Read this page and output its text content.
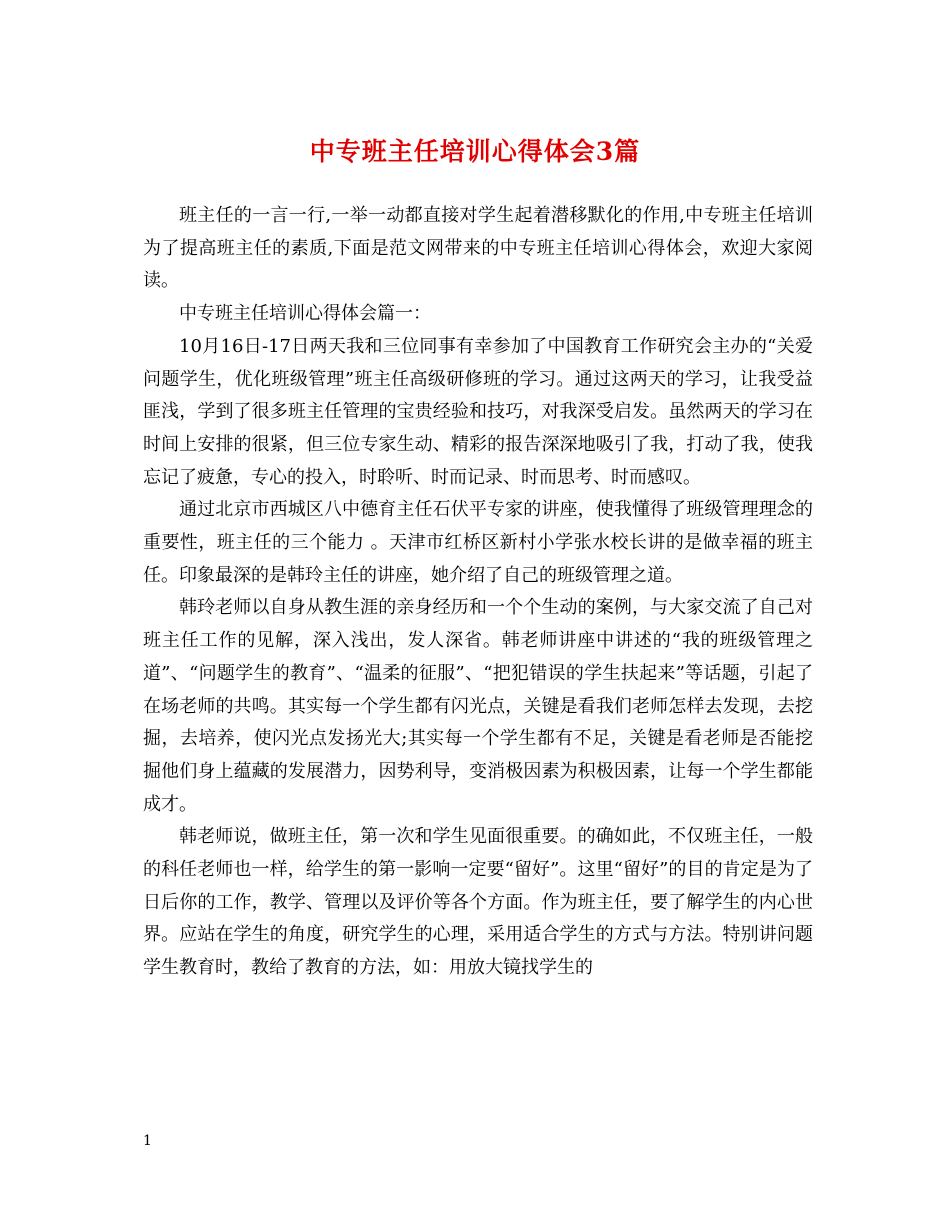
中专班主任培训心得体会3篇

班主任的一言一行,一举一动都直接对学生起着潜移默化的作用,中专班主任培训为了提高班主任的素质,下面是范文网带来的中专班主任培训心得体会，欢迎大家阅读。

中专班主任培训心得体会篇一：

10月16日-17日两天我和三位同事有幸参加了中国教育工作研究会主办的“关爱问题学生，优化班级管理”班主任高级研修班的学习。通过这两天的学习，让我受益匪浅，学到了很多班主任管理的宝贵经验和技巧，对我深受启发。虽然两天的学习在时间上安排的很紧，但三位专家生动、精彩的报告深深地吸引了我，打动了我，使我忘记了疲惫，专心的投入，时聆听、时而记录、时而思考、时而感叹。

通过北京市西城区八中德育主任石伏平专家的讲座，使我懂得了班级管理理念的重要性，班主任的三个能力 。天津市红桥区新村小学张水校长讲的是做幸福的班主任。印象最深的是韩玲主任的讲座，她介绍了自己的班级管理之道。

韩玲老师以自身从教生涯的亲身经历和一个个生动的案例，与大家交流了自己对班主任工作的见解，深入浅出，发人深省。韩老师讲座中讲述的“我的班级管理之道”、“问题学生的教育”、“温柔的征服”、“把犯错误的学生扶起来”等话题，引起了在场老师的共鸣。其实每一个学生都有闪光点，关键是看我们老师怎样去发现，去挖掘，去培养，使闪光点发扬光大;其实每一个学生都有不足，关键是看老师是否能挖掘他们身上蕴藏的发展潜力，因势利导，变消极因素为积极因素，让每一个学生都能成才。

韩老师说，做班主任，第一次和学生见面很重要。的确如此，不仅班主任，一般的科任老师也一样，给学生的第一影响一定要“留好”。这里“留好”的目的肯定是为了日后你的工作，教学、管理以及评价等各个方面。作为班主任，要了解学生的内心世界。应站在学生的角度，研究学生的心理，采用适合学生的方式与方法。特别讲问题学生教育时，教给了教育的方法，如：用放大镜找学生的

1
